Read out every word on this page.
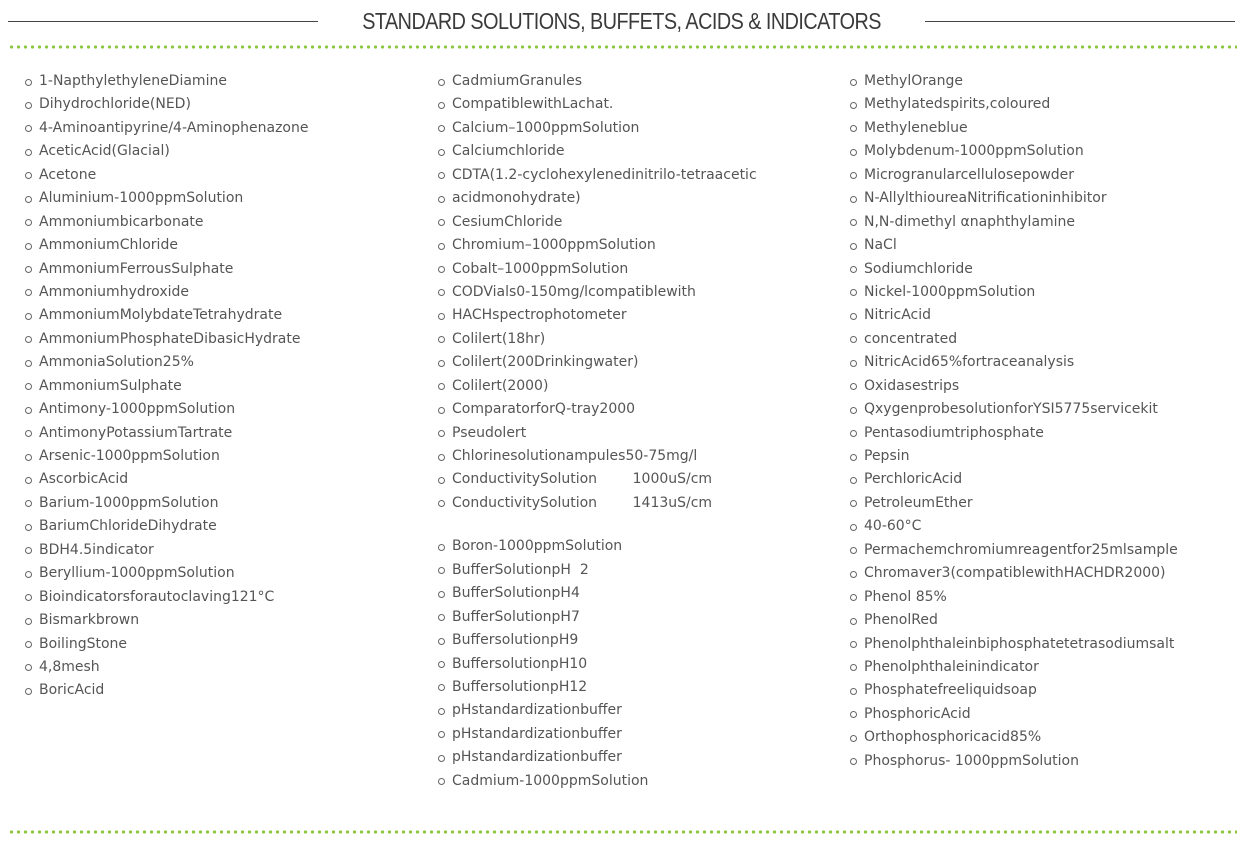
STANDARD SOLUTIONS, BUFFETS, ACIDS & INDICATORS
1-NapthylethyleneDiamine
Dihydrochloride(NED)
4-Aminoantipyrine/4-Aminophenazone
AceticAcid(Glacial)
Acetone
Aluminium-1000ppmSolution
Ammoniumbicarbonate
AmmoniumChloride
AmmoniumFerrousSulphate
Ammoniumhydroxide
AmmoniumMolybdateTetrahydrate
AmmoniumPhosphateDibasicHydrate
AmmoniaSolution25%
AmmoniumSulphate
Antimony-1000ppmSolution
AntimonyPotassiumTartrate
Arsenic-1000ppmSolution
AscorbicAcid
Barium-1000ppmSolution
BariumChlorideDihydrate
BDH4.5indicator
Beryllium-1000ppmSolution
Bioindicatorsforautoclaving121°C
Bismarkbrown
BoilingStone
4,8mesh
BoricAcid
CadmiumGranules
CompatiblewithLachat.
Calcium–1000ppmSolution
Calciumchloride
CDTA(1.2-cyclohexylenedinitrilo-tetraacetic
acidmonohydrate)
CesiumChloride
Chromium–1000ppmSolution
Cobalt–1000ppmSolution
CODVials0-150mg/lcompatiblewith
HACHspectrophotometer
Colilert(18hr)
Colilert(200Drinkingwater)
Colilert(2000)
ComparatorforQ-tray2000
Pseudolert
Chlorinesolutionampules50-75mg/l
ConductivitySolution        1000uS/cm
ConductivitySolution        1413uS/cm
Boron-1000ppmSolution
BufferSolutionpH  2
BufferSolutionpH4
BufferSolutionpH7
BuffersolutionpH9
BuffersolutionpH10
BuffersolutionpH12
pHstandardizationbuffer
pHstandardizationbuffer
pHstandardizationbuffer
Cadmium-1000ppmSolution
MethylOrange
Methylatedspirits,coloured
Methyleneblue
Molybdenum-1000ppmSolution
Microgranularcellulosepowder
N-AllylthioureaNitrificationinhibitor
N,N-dimethyl αnaphthylamine
NaCl
Sodiumchloride
Nickel-1000ppmSolution
NitricAcid
concentrated
NitricAcid65%fortraceanalysis
Oxidasestrips
QxygenprobesolutionforYSI5775servicekit
Pentasodiumtriphosphate
Pepsin
PerchloricAcid
PetroleumEther
40-60°C
Permachemchromiumreagentfor25mlsample
Chromaver3(compatiblewithHACHDR2000)
Phenol 85%
PhenolRed
Phenolphthaleinbiphosphatetetrasodiumsalt
Phenolphthaleinindicator
Phosphatefreeliquidsoap
PhosphoricAcid
Orthophosphoricacid85%
Phosphorus- 1000ppmSolution
